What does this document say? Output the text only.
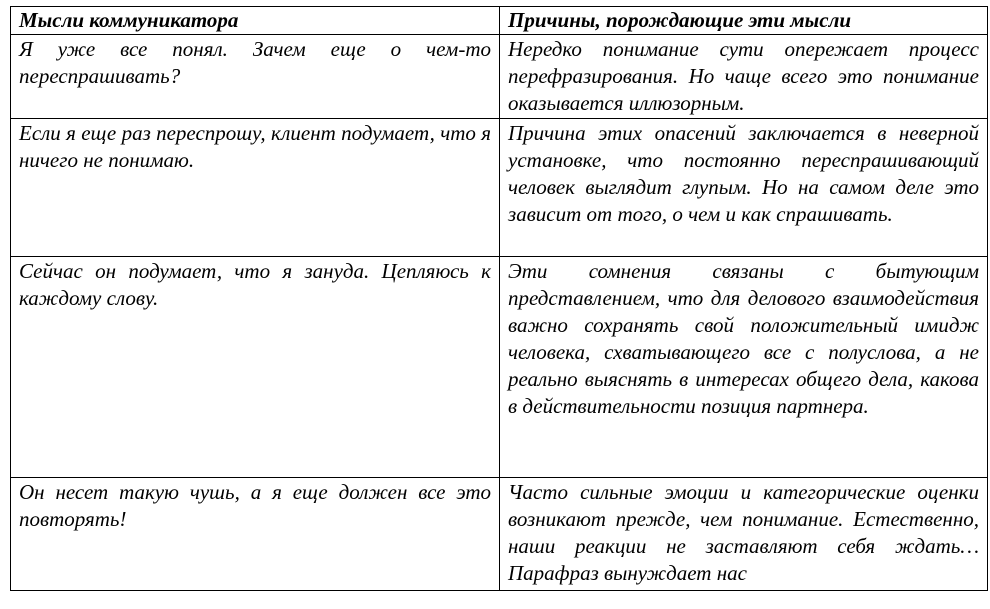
Мысли коммуникатора	Причины, порождающие эти мысли
Я уже все понял. Зачем еще о чем-то переспрашивать?	Нередко понимание сути опережает процесс перефразирования. Но чаще всего это понимание оказывается иллюзорным.
Если я еще раз переспрошу, клиент подумает, что я ничего не понимаю.	Причина этих опасений заключается в неверной установке, что постоянно переспрашивающий человек выглядит глупым. Но на самом деле это зависит от того, о чем и как спрашивать.
Сейчас он подумает, что я зануда. Цепляюсь к каждому слову.	Эти сомнения связаны с бытующим представлением, что для делового взаимодействия важно сохранять свой положительный имидж человека, схватывающего все с полуслова, а не реально выяснять в интересах общего дела, какова в действительности позиция партнера.
Он несет такую чушь, а я еще должен все это повторять!	Часто сильные эмоции и категорические оценки возникают прежде, чем понимание. Естественно, наши реакции не заставляют себя ждать… Парафраз вынуждает нас
